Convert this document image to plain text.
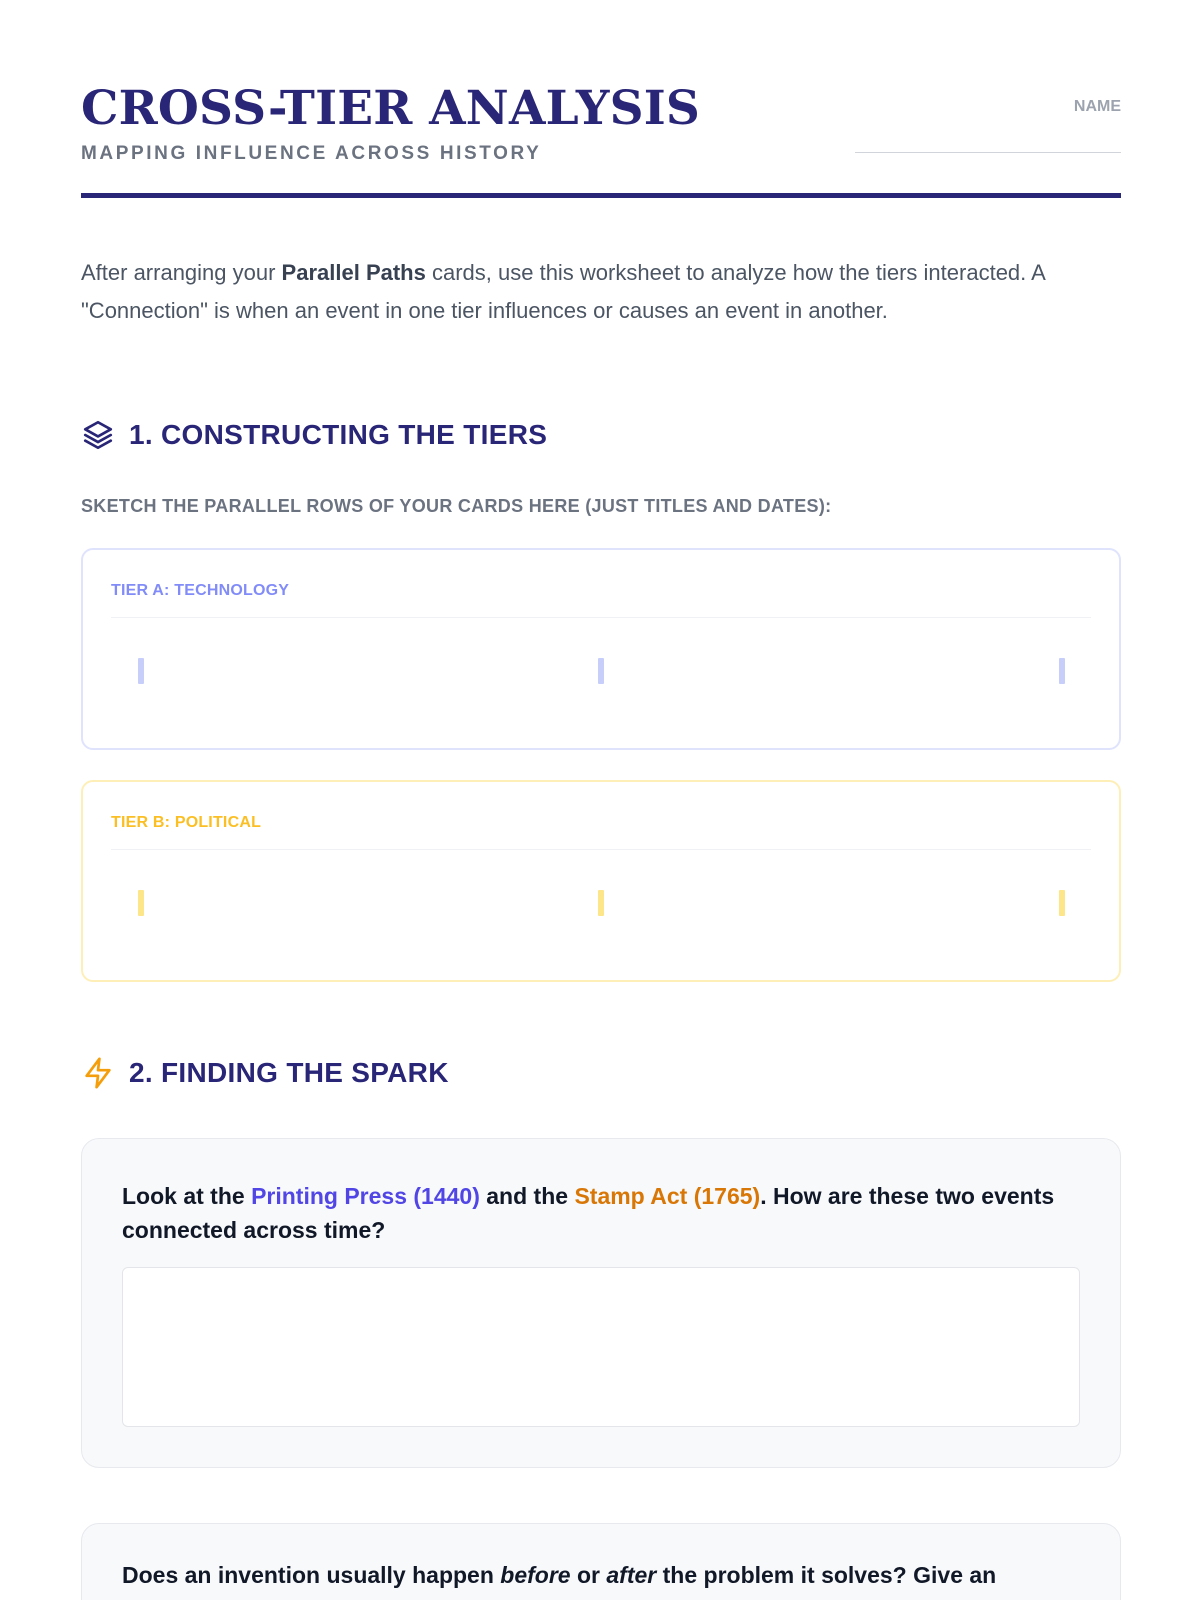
CROSS-TIER ANALYSIS
MAPPING INFLUENCE ACROSS HISTORY
NAME

After arranging your Parallel Paths cards, use this worksheet to analyze how the tiers interacted. A "Connection" is when an event in one tier influences or causes an event in another.

1. CONSTRUCTING THE TIERS
SKETCH THE PARALLEL ROWS OF YOUR CARDS HERE (JUST TITLES AND DATES):
TIER A: TECHNOLOGY
TIER B: POLITICAL
2. FINDING THE SPARK
Look at the Printing Press (1440) and the Stamp Act (1765). How are these two events connected across time?
Does an invention usually happen before or after the problem it solves? Give an
